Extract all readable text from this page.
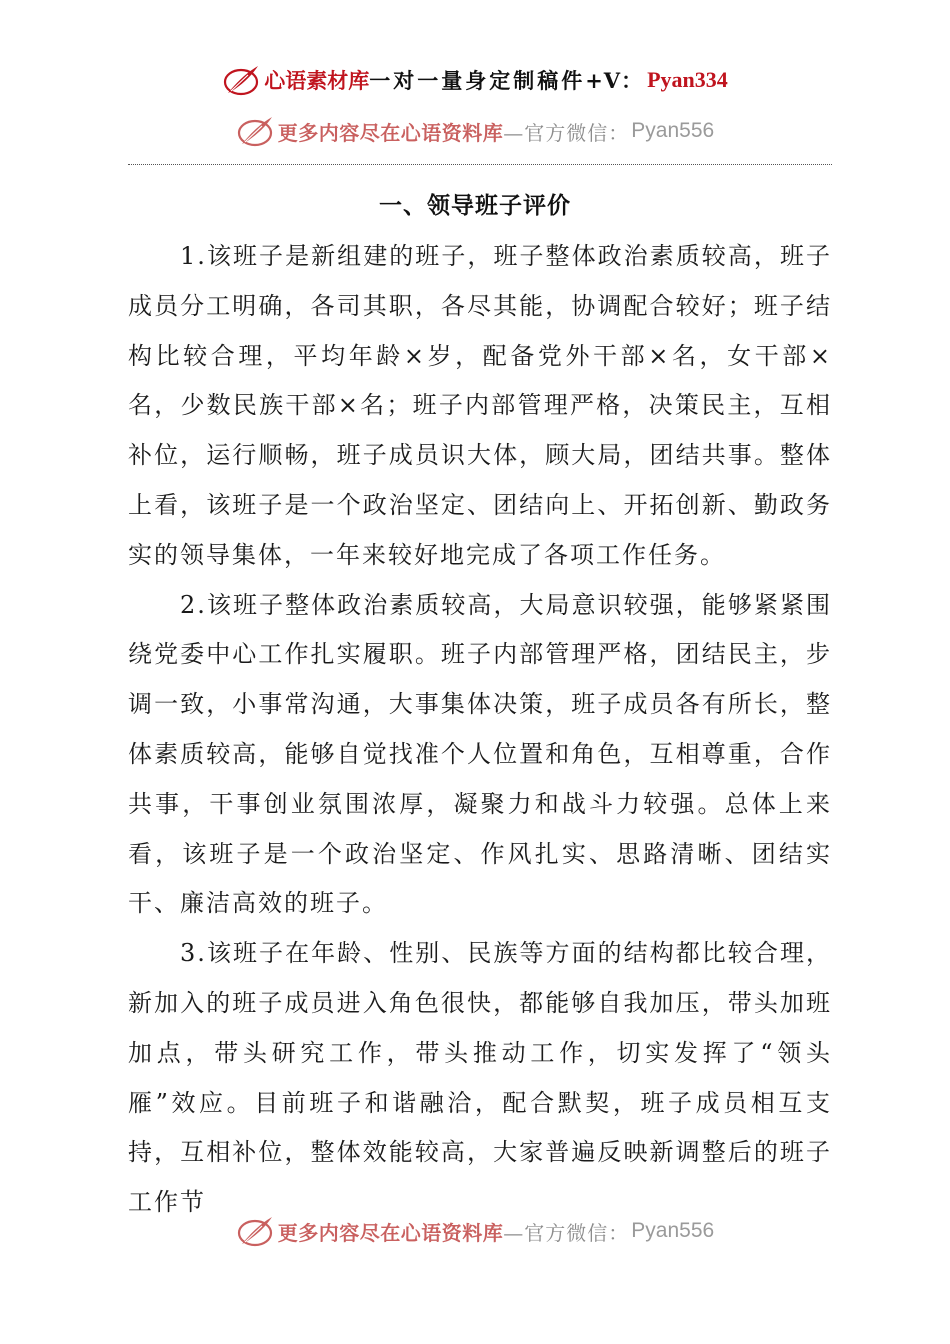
心语素材库 一对一量身定制稿件 +V： Pyan334
更多内容尽在心语资料库 —官方微信： Pyan556
一、领导班子评价

1.该班子是新组建的班子，班子整体政治素质较高，班子成员分工明确，各司其职，各尽其能，协调配合较好；班子结构比较合理，平均年龄×岁，配备党外干部×名，女干部×名，少数民族干部×名；班子内部管理严格，决策民主，互相补位，运行顺畅，班子成员识大体，顾大局，团结共事。整体上看，该班子是一个政治坚定、团结向上、开拓创新、勤政务实的领导集体，一年来较好地完成了各项工作任务。

2.该班子整体政治素质较高，大局意识较强，能够紧紧围绕党委中心工作扎实履职。班子内部管理严格，团结民主，步调一致，小事常沟通，大事集体决策，班子成员各有所长，整体素质较高，能够自觉找准个人位置和角色，互相尊重，合作共事，干事创业氛围浓厚，凝聚力和战斗力较强。总体上来看，该班子是一个政治坚定、作风扎实、思路清晰、团结实干、廉洁高效的班子。

3.该班子在年龄、性别、民族等方面的结构都比较合理，新加入的班子成员进入角色很快，都能够自我加压，带头加班加点，带头研究工作，带头推动工作，切实发挥了“领头雁”效应。目前班子和谐融洽，配合默契，班子成员相互支持，互相补位，整体效能较高，大家普遍反映新调整后的班子工作节

更多内容尽在心语资料库 —官方微信： Pyan556
